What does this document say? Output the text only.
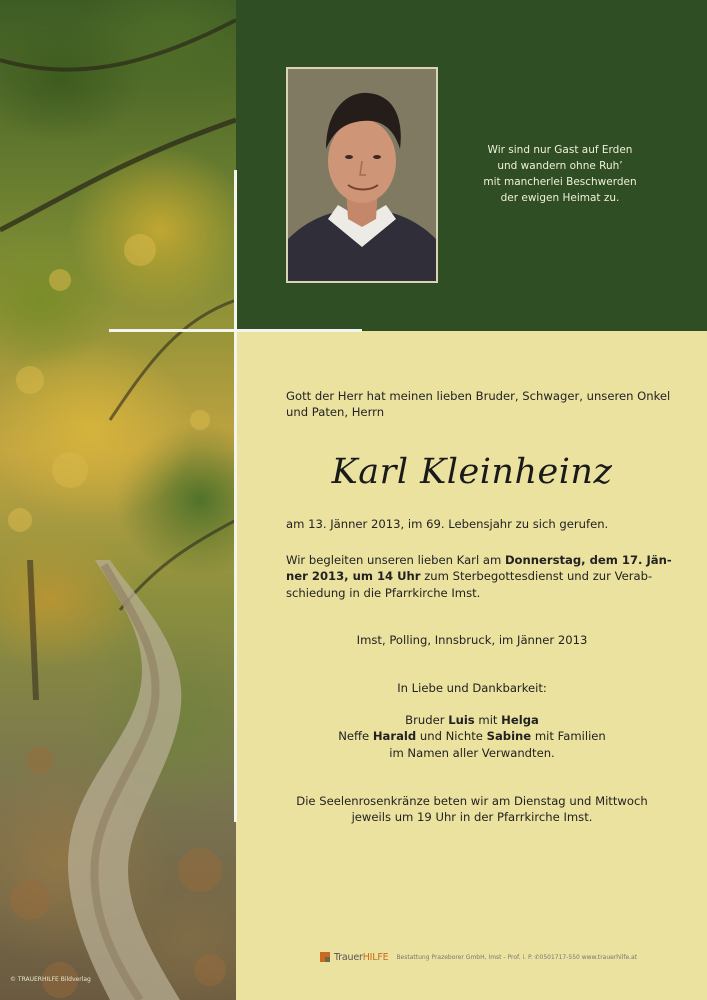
© TRAUERHILFE Bildverlag
Wir sind nur Gast auf Erden
und wandern ohne Ruh’
mit mancherlei Beschwerden
der ewigen Heimat zu.
Gott der Herr hat meinen lieben Bruder, Schwager, unseren Onkel
und Paten, Herrn
Karl Kleinheinz
am 13. Jänner 2013, im 69. Lebensjahr zu sich gerufen.
Wir begleiten unseren lieben Karl am Donnerstag, dem 17. Jän-
ner 2013, um 14 Uhr zum Sterbegottesdienst und zur Verab-
schiedung in die Pfarrkirche Imst.
Imst, Polling, Innsbruck, im Jänner 2013
In Liebe und Dankbarkeit:
Bruder Luis mit Helga
Neffe Harald und Nichte Sabine mit Familien
im Namen aller Verwandten.
Die Seelenrosenkränze beten wir am Dienstag und Mittwoch
jeweils um 19 Uhr in der Pfarrkirche Imst.
TrauerHILFE Bestattung Prazeborer GmbH, Imst - Prof. i. P. ✆0501717-550 www.trauerhilfe.at
